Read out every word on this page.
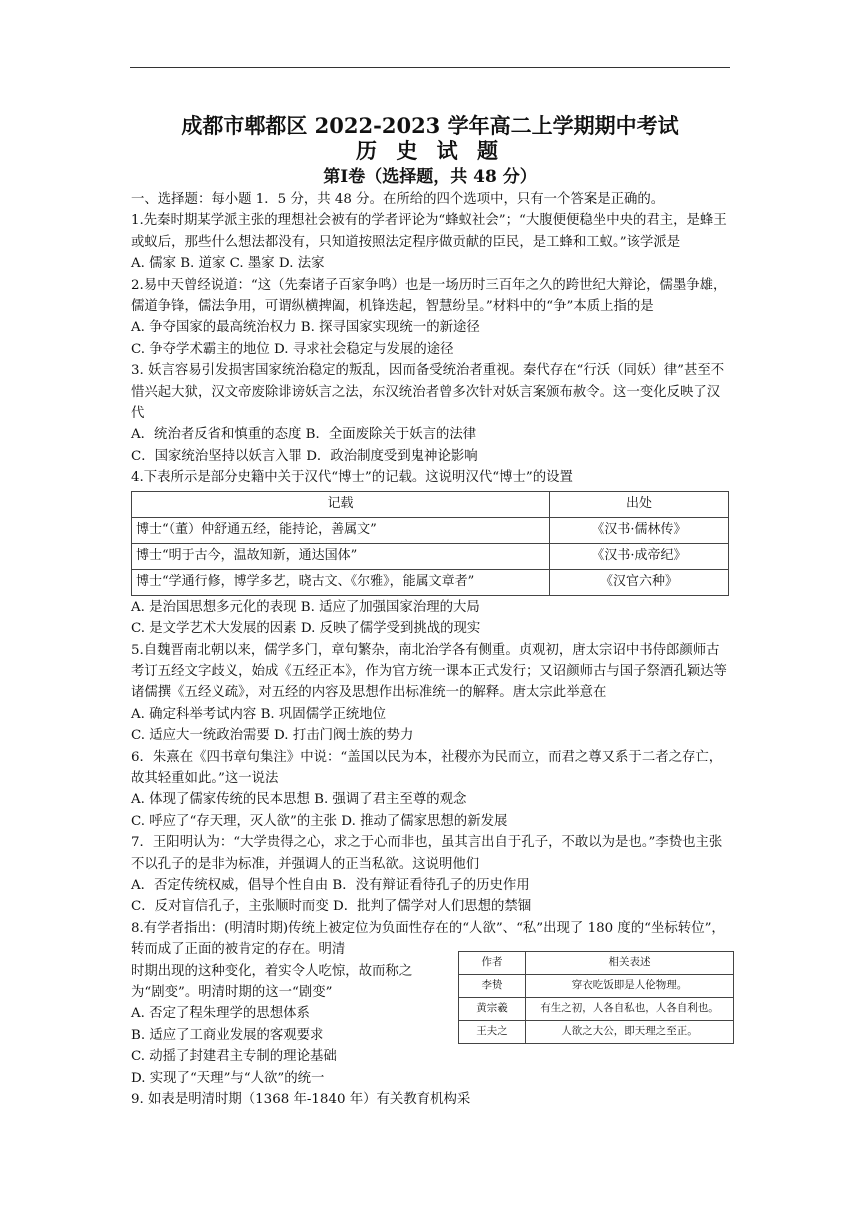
成都市郫都区 2022-2023 学年高二上学期期中考试
历 史 试 题
第Ⅰ卷（选择题，共 48 分）

一、选择题：每小题 1．5 分，共 48 分。在所给的四个选项中，只有一个答案是正确的。

1.先秦时期某学派主张的理想社会被有的学者评论为“蜂蚁社会”；“大腹便便稳坐中央的君主，是蜂王或蚁后，那些什么想法都没有，只知道按照法定程序做贡献的臣民，是工蜂和工蚁。”该学派是

A. 儒家 B. 道家 C. 墨家 D. 法家

2.易中天曾经说道：“这（先秦诸子百家争鸣）也是一场历时三百年之久的跨世纪大辩论，儒墨争雄，儒道争锋，儒法争用，可谓纵横捭阖，机锋迭起，智慧纷呈。”材料中的“争”本质上指的是

A. 争夺国家的最高统治权力 B. 探寻国家实现统一的新途径

C. 争夺学术霸主的地位 D. 寻求社会稳定与发展的途径

3. 妖言容易引发损害国家统治稳定的叛乱，因而备受统治者重视。秦代存在“行沃（同妖）律”甚至不惜兴起大狱，汉文帝废除诽谤妖言之法，东汉统治者曾多次针对妖言案颁布赦令。这一变化反映了汉代

A．统治者反省和慎重的态度 B．全面废除关于妖言的法律

C．国家统治坚持以妖言入罪 D．政治制度受到鬼神论影响

4.下表所示是部分史籍中关于汉代“博士”的记载。这说明汉代“博士”的设置

记载	出处
博士“（董）仲舒通五经，能持论，善属文”	《汉书·儒林传》
博士“明于古今，温故知新，通达国体”	《汉书·成帝纪》
博士“学通行修，博学多艺，晓古文、《尔雅》，能属文章者”	《汉官六种》

A. 是治国思想多元化的表现 B. 适应了加强国家治理的大局

C. 是文学艺术大发展的因素 D. 反映了儒学受到挑战的现实

5.自魏晋南北朝以来，儒学多门，章句繁杂，南北治学各有侧重。贞观初，唐太宗诏中书侍郎颜师古考订五经文字歧义，始成《五经正本》，作为官方统一课本正式发行；又诏颜师古与国子祭酒孔颖达等诸儒撰《五经义疏》，对五经的内容及思想作出标准统一的解释。唐太宗此举意在

A. 确定科举考试内容 B. 巩固儒学正统地位

C. 适应大一统政治需要 D. 打击门阀士族的势力

6．朱熹在《四书章句集注》中说：“盖国以民为本，社稷亦为民而立，而君之尊又系于二者之存亡，故其轻重如此。”这一说法

A. 体现了儒家传统的民本思想 B. 强调了君主至尊的观念

C. 呼应了“存天理，灭人欲”的主张 D. 推动了儒家思想的新发展

7．王阳明认为：“大学贵得之心，求之于心而非也，虽其言出自于孔子，不敢以为是也。”李贽也主张不以孔子的是非为标准，并强调人的正当私欲。这说明他们

A．否定传统权威，倡导个性自由 B．没有辩证看待孔子的历史作用

C．反对盲信孔子，主张顺时而变 D．批判了儒学对人们思想的禁锢

8.有学者指出：(明清时期)传统上被定位为负面性存在的“人欲”、“私”出现了 180 度的“坐标转位”，转而成了正面的被肯定的存在。明清

时期出现的这种变化，着实令人吃惊，故而称之

为“剧变”。明清时期的这一“剧变”

A. 否定了程朱理学的思想体系

B. 适应了工商业发展的客观要求

C. 动摇了封建君主专制的理论基础

D. 实现了“天理”与“人欲”的统一

作者	相关表述
李贽	穿衣吃饭即是人伦物理。
黄宗羲	有生之初，人各自私也，人各自利也。
王夫之	人欲之大公，即天理之至正。

9. 如表是明清时期（1368 年-1840 年）有关教育机构采
